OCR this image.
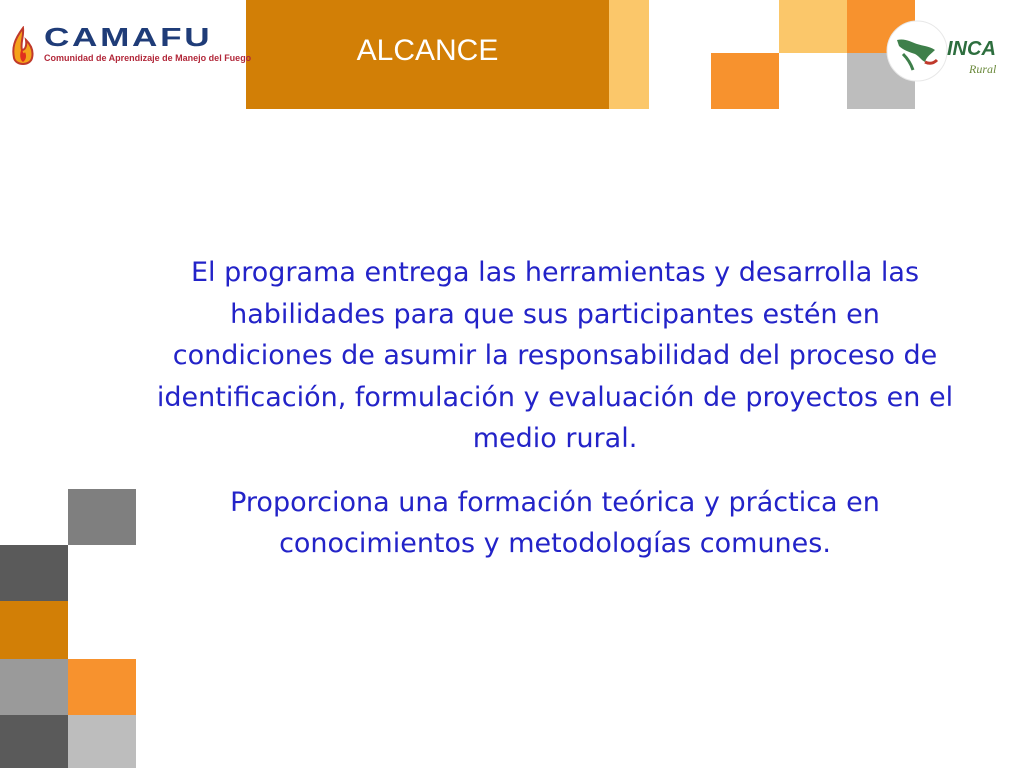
ALCANCE
CAMAFU
Comunidad de Aprendizaje de Manejo del Fuego	INCA
Rural
El programa entrega las herramientas y desarrolla las habilidades para que sus participantes estén en condiciones de asumir la responsabilidad del proceso de identificación, formulación y evaluación de proyectos en el medio rural.
Proporciona una formación teórica y práctica en conocimientos y metodologías comunes.
